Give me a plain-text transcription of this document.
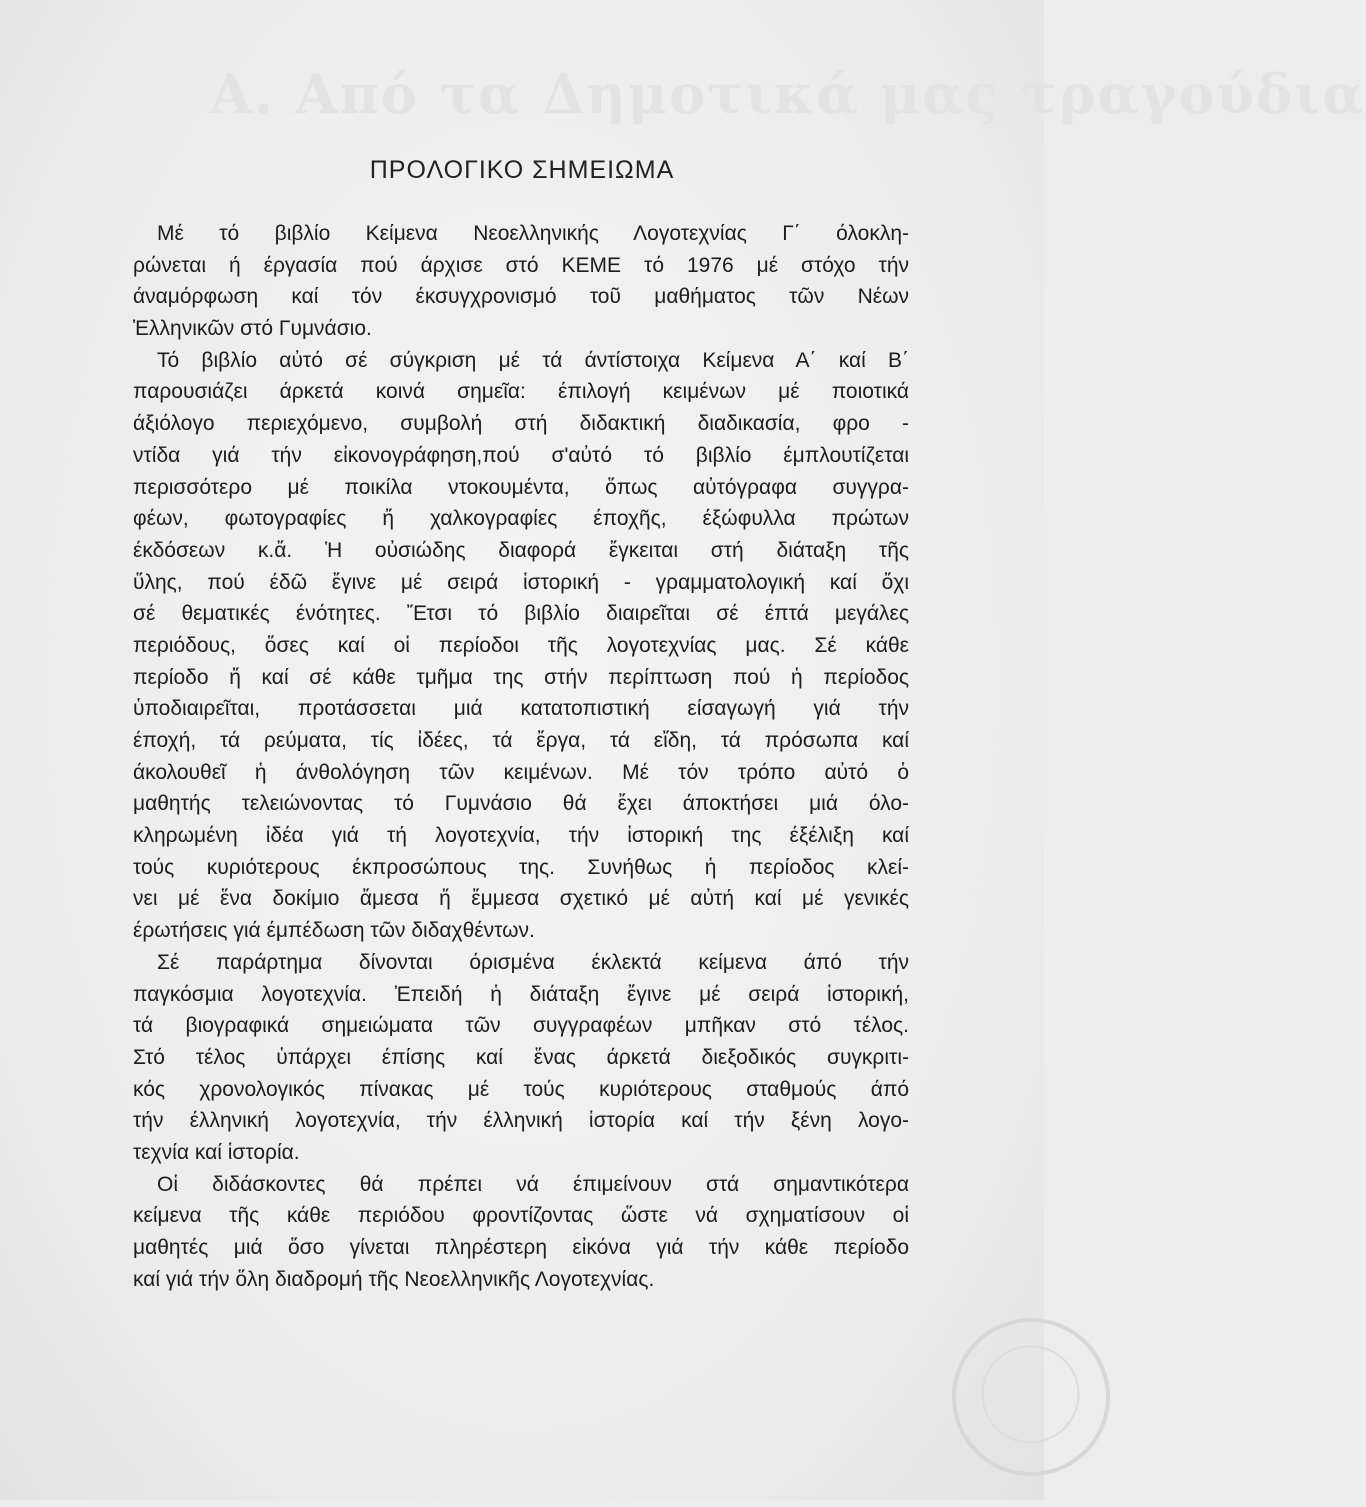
Α. Από τα Δημοτικά μας τραγούδια
ΠΡΟΛΟΓΙΚΟ ΣΗΜΕΙΩΜΑ
Μέ τό βιβλίο Κείμενα Νεοελληνικής Λογοτεχνίας Γ΄ όλοκλη-
ρώνεται ή έργασία πού άρχισε στό ΚΕΜΕ τό 1976 μέ στόχο τήν
άναμόρφωση καί τόν έκσυγχρονισμό τοῦ μαθήματος τῶν Νέων
Ἑλληνικῶν στό Γυμνάσιο.
Τό βιβλίο αὐτό σέ σύγκριση μέ τά άντίστοιχα Κείμενα Α΄ καί Β΄
παρουσιάζει άρκετά κοινά σημεῖα: έπιλογή κειμένων μέ ποιοτικά
άξιόλογο περιεχόμενο, συμβολή στή διδακτική διαδικασία, φρο -
ντίδα γιά τήν εἰκονογράφηση,πού σ'αὐτό τό βιβλίο έμπλουτίζεται
περισσότερο μέ ποικίλα ντοκουμέντα, ὅπως αὐτόγραφα συγγρα-
φέων, φωτογραφίες ἤ χαλκογραφίες έποχῆς, έξώφυλλα πρώτων
έκδόσεων κ.ἄ. Ἡ οὐσιώδης διαφορά ἔγκειται στή διάταξη τῆς
ὕλης, πού έδῶ ἔγινε μέ σειρά ἱστορική - γραμματολογική καί ὄχι
σέ θεματικές ένότητες. Ἔτσι τό βιβλίο διαιρεῖται σέ έπτά μεγάλες
περιόδους, ὅσες καί οἱ περίοδοι τῆς λογοτεχνίας μας. Σέ κάθε
περίοδο ἤ καί σέ κάθε τμῆμα της στήν περίπτωση πού ἡ περίοδος
ὑποδιαιρεῖται, προτάσσεται μιά κατατοπιστική είσαγωγή γιά τήν
έποχή, τά ρεύματα, τίς ἰδέες, τά ἔργα, τά εἴδη, τά πρόσωπα καί
άκολουθεῖ ἡ άνθολόγηση τῶν κειμένων. Μέ τόν τρόπο αὐτό ὁ
μαθητής τελειώνοντας τό Γυμνάσιο θά ἔχει άποκτήσει μιά όλο-
κληρωμένη ἰδέα γιά τή λογοτεχνία, τήν ἱστορική της έξέλιξη καί
τούς κυριότερους έκπροσώπους της. Συνήθως ἡ περίοδος κλεί-
νει μέ ἕνα δοκίμιο ἄμεσα ἤ ἔμμεσα σχετικό μέ αὐτή καί μέ γενικές
έρωτήσεις γιά έμπέδωση τῶν διδαχθέντων.
Σέ παράρτημα δίνονται όρισμένα έκλεκτά κείμενα άπό τήν
παγκόσμια λογοτεχνία. Ἐπειδή ἡ διάταξη ἔγινε μέ σειρά ἱστορική,
τά βιογραφικά σημειώματα τῶν συγγραφέων μπῆκαν στό τέλος.
Στό τέλος ὑπάρχει έπίσης καί ἕνας άρκετά διεξοδικός συγκριτι-
κός χρονολογικός πίνακας μέ τούς κυριότερους σταθμούς άπό
τήν έλληνική λογοτεχνία, τήν έλληνική ἱστορία καί τήν ξένη λογο-
τεχνία καί ἱστορία.
Οἱ διδάσκοντες θά πρέπει νά έπιμείνουν στά σημαντικότερα
κείμενα τῆς κάθε περιόδου φροντίζοντας ὥστε νά σχηματίσουν οἱ
μαθητές μιά ὅσο γίνεται πληρέστερη εἰκόνα γιά τήν κάθε περίοδο
καί γιά τήν ὅλη διαδρομή τῆς Νεοελληνικῆς Λογοτεχνίας.
